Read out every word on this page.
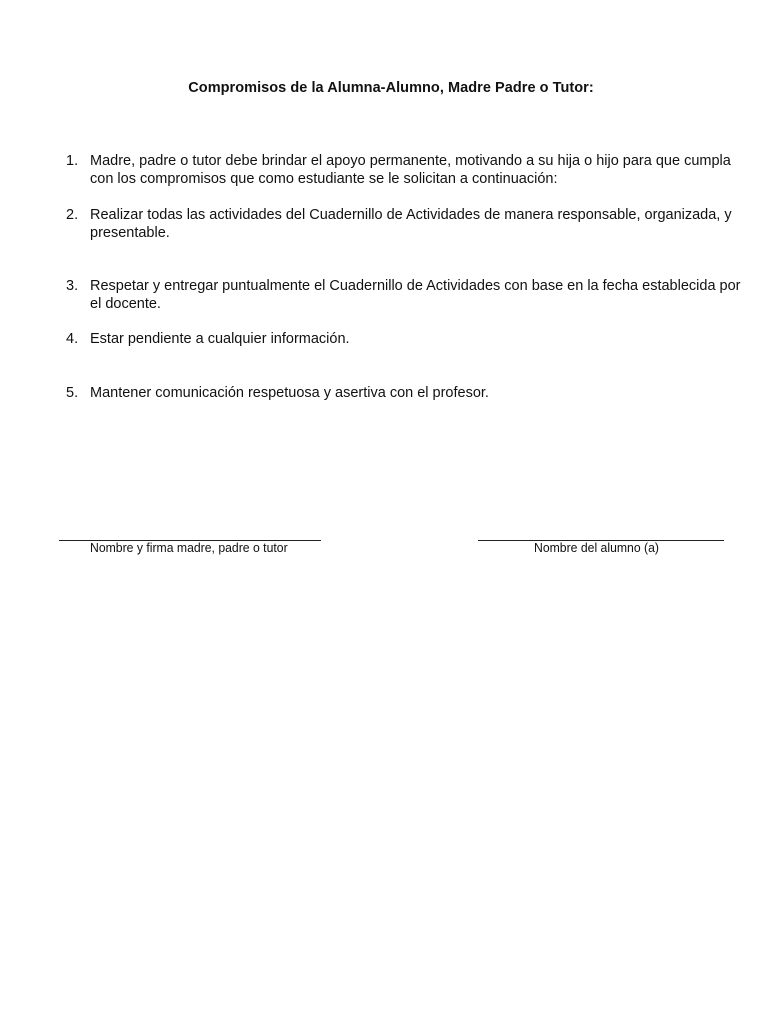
Compromisos de la Alumna-Alumno, Madre Padre o Tutor:
1. Madre, padre o tutor debe brindar el apoyo permanente, motivando a su hija o hijo para que cumpla con los compromisos que como estudiante se le solicitan a continuación:
2. Realizar todas las actividades del Cuadernillo de Actividades de manera responsable, organizada, y presentable.
3. Respetar y entregar puntualmente el Cuadernillo de Actividades con base en la fecha establecida por el docente.
4. Estar pendiente a cualquier información.
5. Mantener comunicación respetuosa y asertiva con el profesor.
Nombre y firma madre, padre o tutor	Nombre del alumno (a)
